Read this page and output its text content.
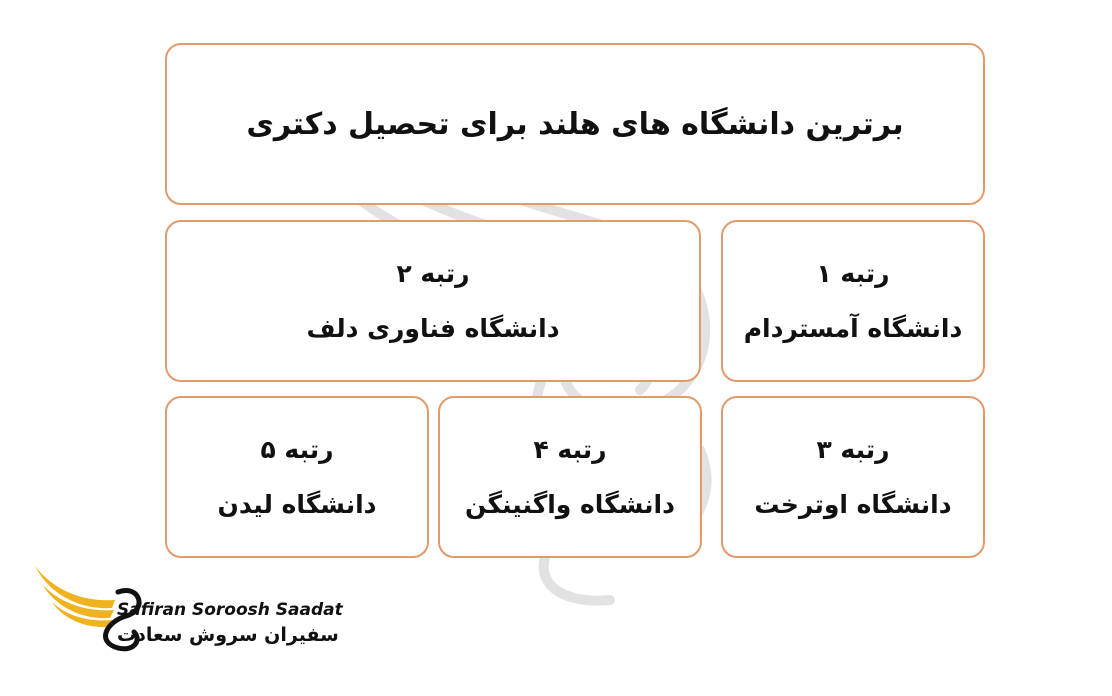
برترین دانشگاه های هلند برای تحصیل دکتری
رتبه ۱
دانشگاه آمستردام
رتبه ۲
دانشگاه فناوری دلف
رتبه ۳
دانشگاه اوترخت
رتبه ۴
دانشگاه واگنینگن
رتبه ۵
دانشگاه لیدن
Safiran Soroosh Saadat
سفیران سروش سعادت
